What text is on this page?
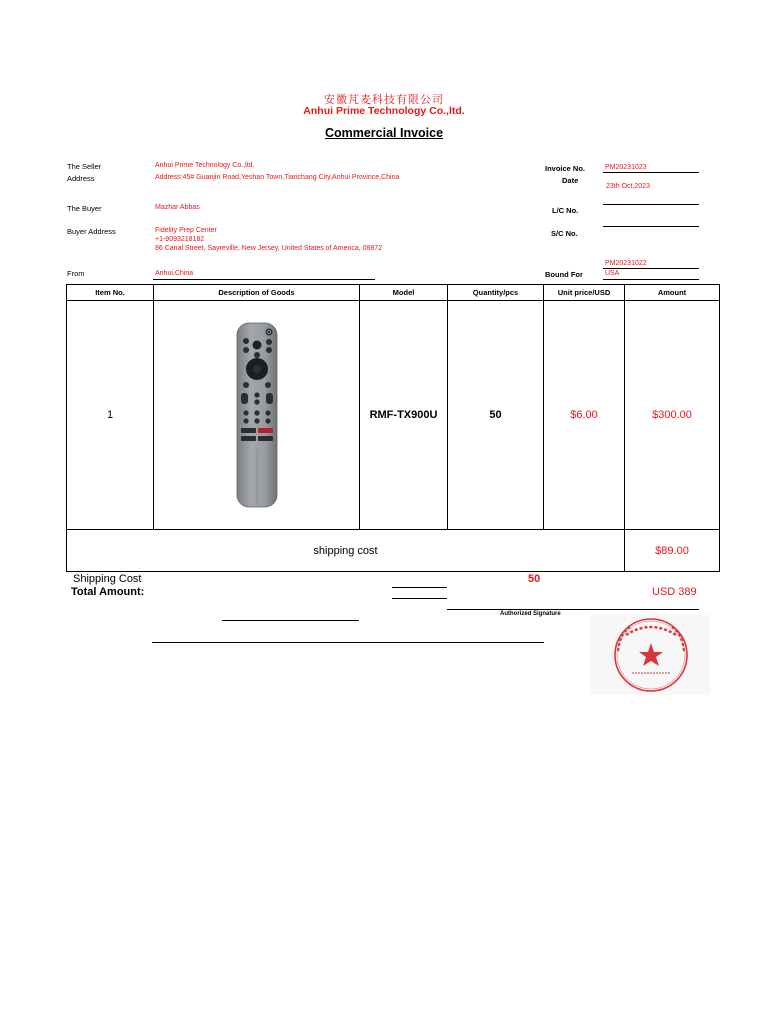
安徽芃麦科技有限公司
Anhui Prime Technology Co.,ltd.
Commercial Invoice
The Seller
Address
Anhui Prime Technology Co.,ltd.
Address:45# Guanjin Road,Yeshan Town,Tianchang City,Anhui Province,China
The Buyer	Mazhar Abbas
Buyer Address	Fidelity Prep Center
+1-9093218182
86 Canal Street, Sayreville, New Jersey, United States of America, 08872
From	Anhui,China
Invoice No.	PM20231023
Date
23th Oct,2023
L/C No.
S/C No.
PM20231022
Bound For	USA
Item No.	Description of Goods	Model	Quantity/pcs	Unit price/USD	Amount
1		RMF-TX900U	50	$6.00	$300.00
shipping cost					$89.00
Shipping Cost
Total Amount:
50
USD 389
Authorized Signature
